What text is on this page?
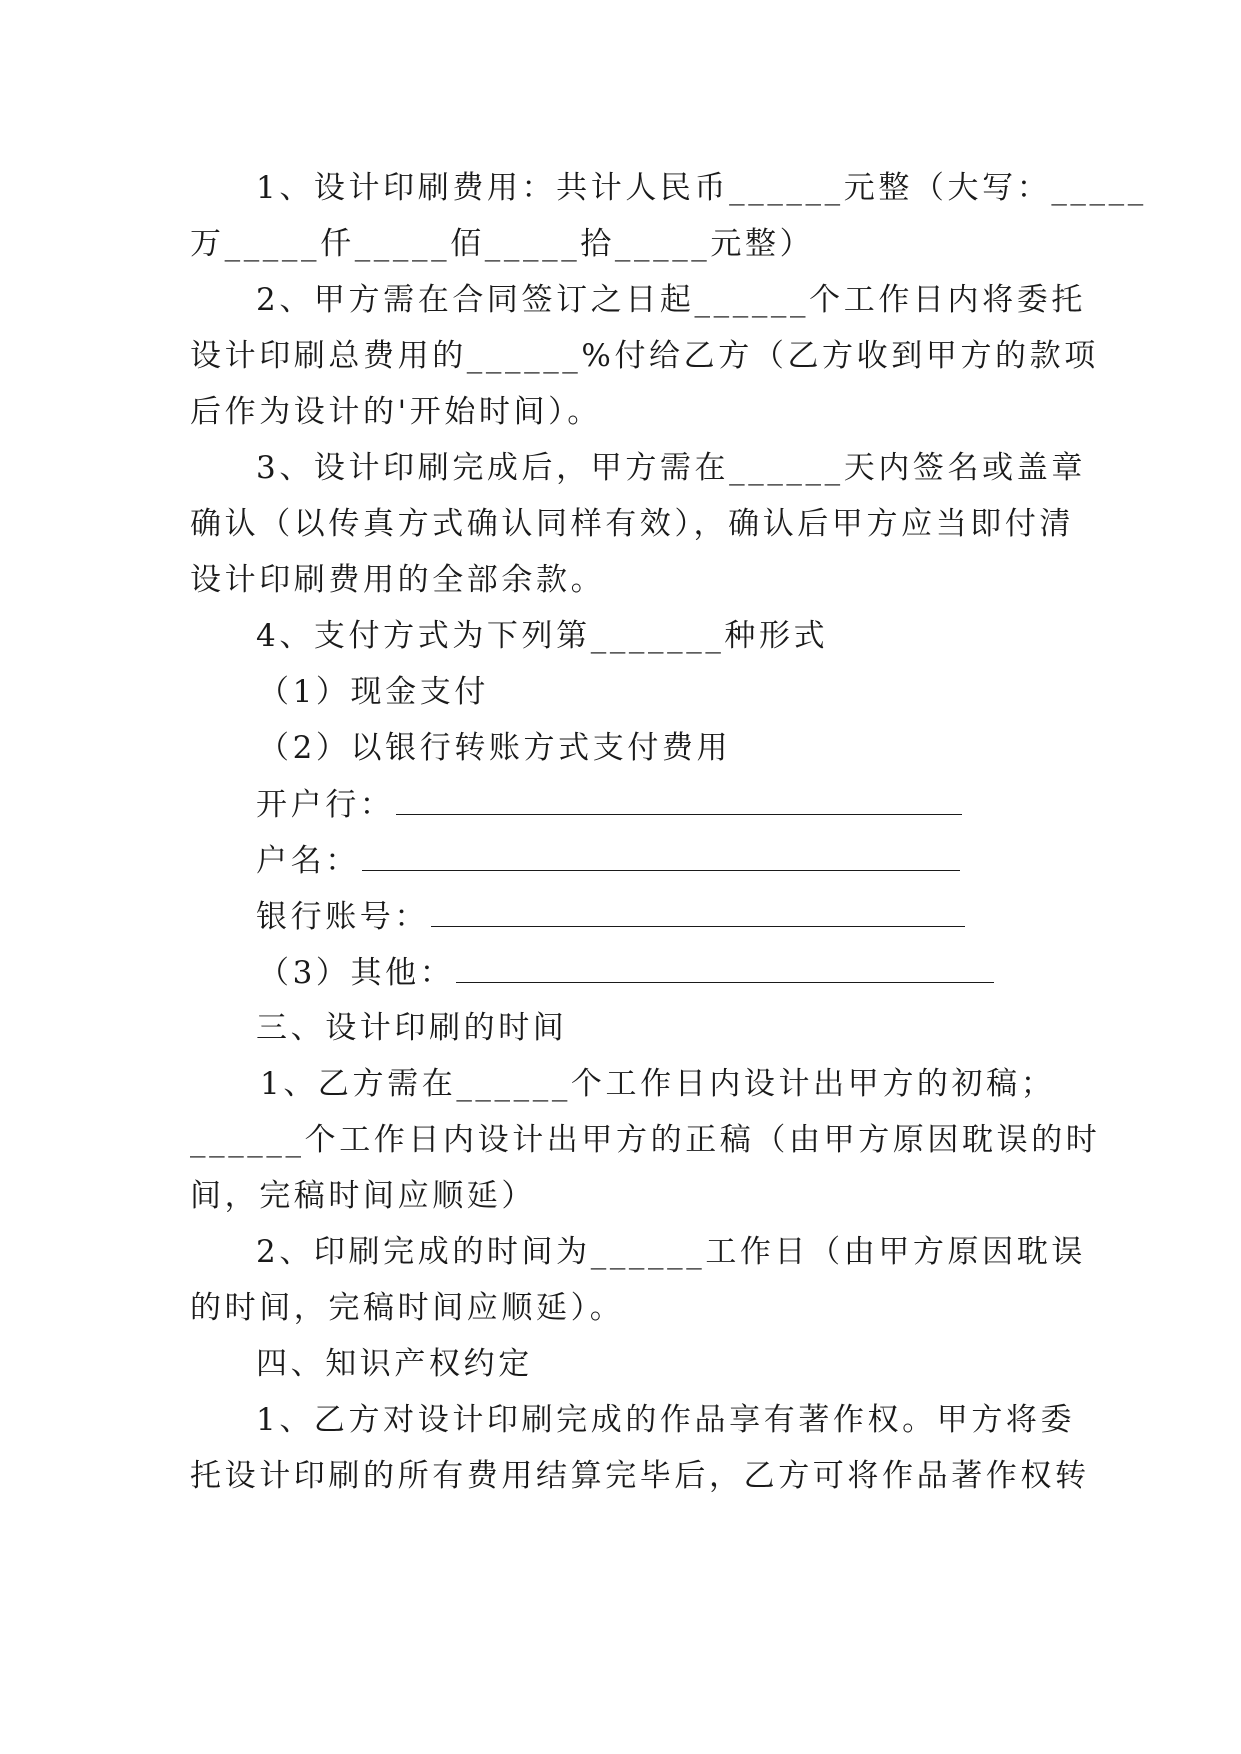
1、设计印刷费用：共计人民币______元整（大写：_____
万_____仟_____佰_____拾_____元整）
2、甲方需在合同签订之日起______个工作日内将委托
设计印刷总费用的______%付给乙方（乙方收到甲方的款项
后作为设计的'开始时间）。
3、设计印刷完成后，甲方需在______天内签名或盖章
确认（以传真方式确认同样有效），确认后甲方应当即付清
设计印刷费用的全部余款。
4、支付方式为下列第_______种形式
（1）现金支付
（2）以银行转账方式支付费用
开户行：
户名：
银行账号：
（3）其他：
三、设计印刷的时间
1、乙方需在______个工作日内设计出甲方的初稿；
______个工作日内设计出甲方的正稿（由甲方原因耽误的时
间，完稿时间应顺延）
2、印刷完成的时间为______工作日（由甲方原因耽误
的时间，完稿时间应顺延）。
四、知识产权约定
1、乙方对设计印刷完成的作品享有著作权。甲方将委
托设计印刷的所有费用结算完毕后，乙方可将作品著作权转
